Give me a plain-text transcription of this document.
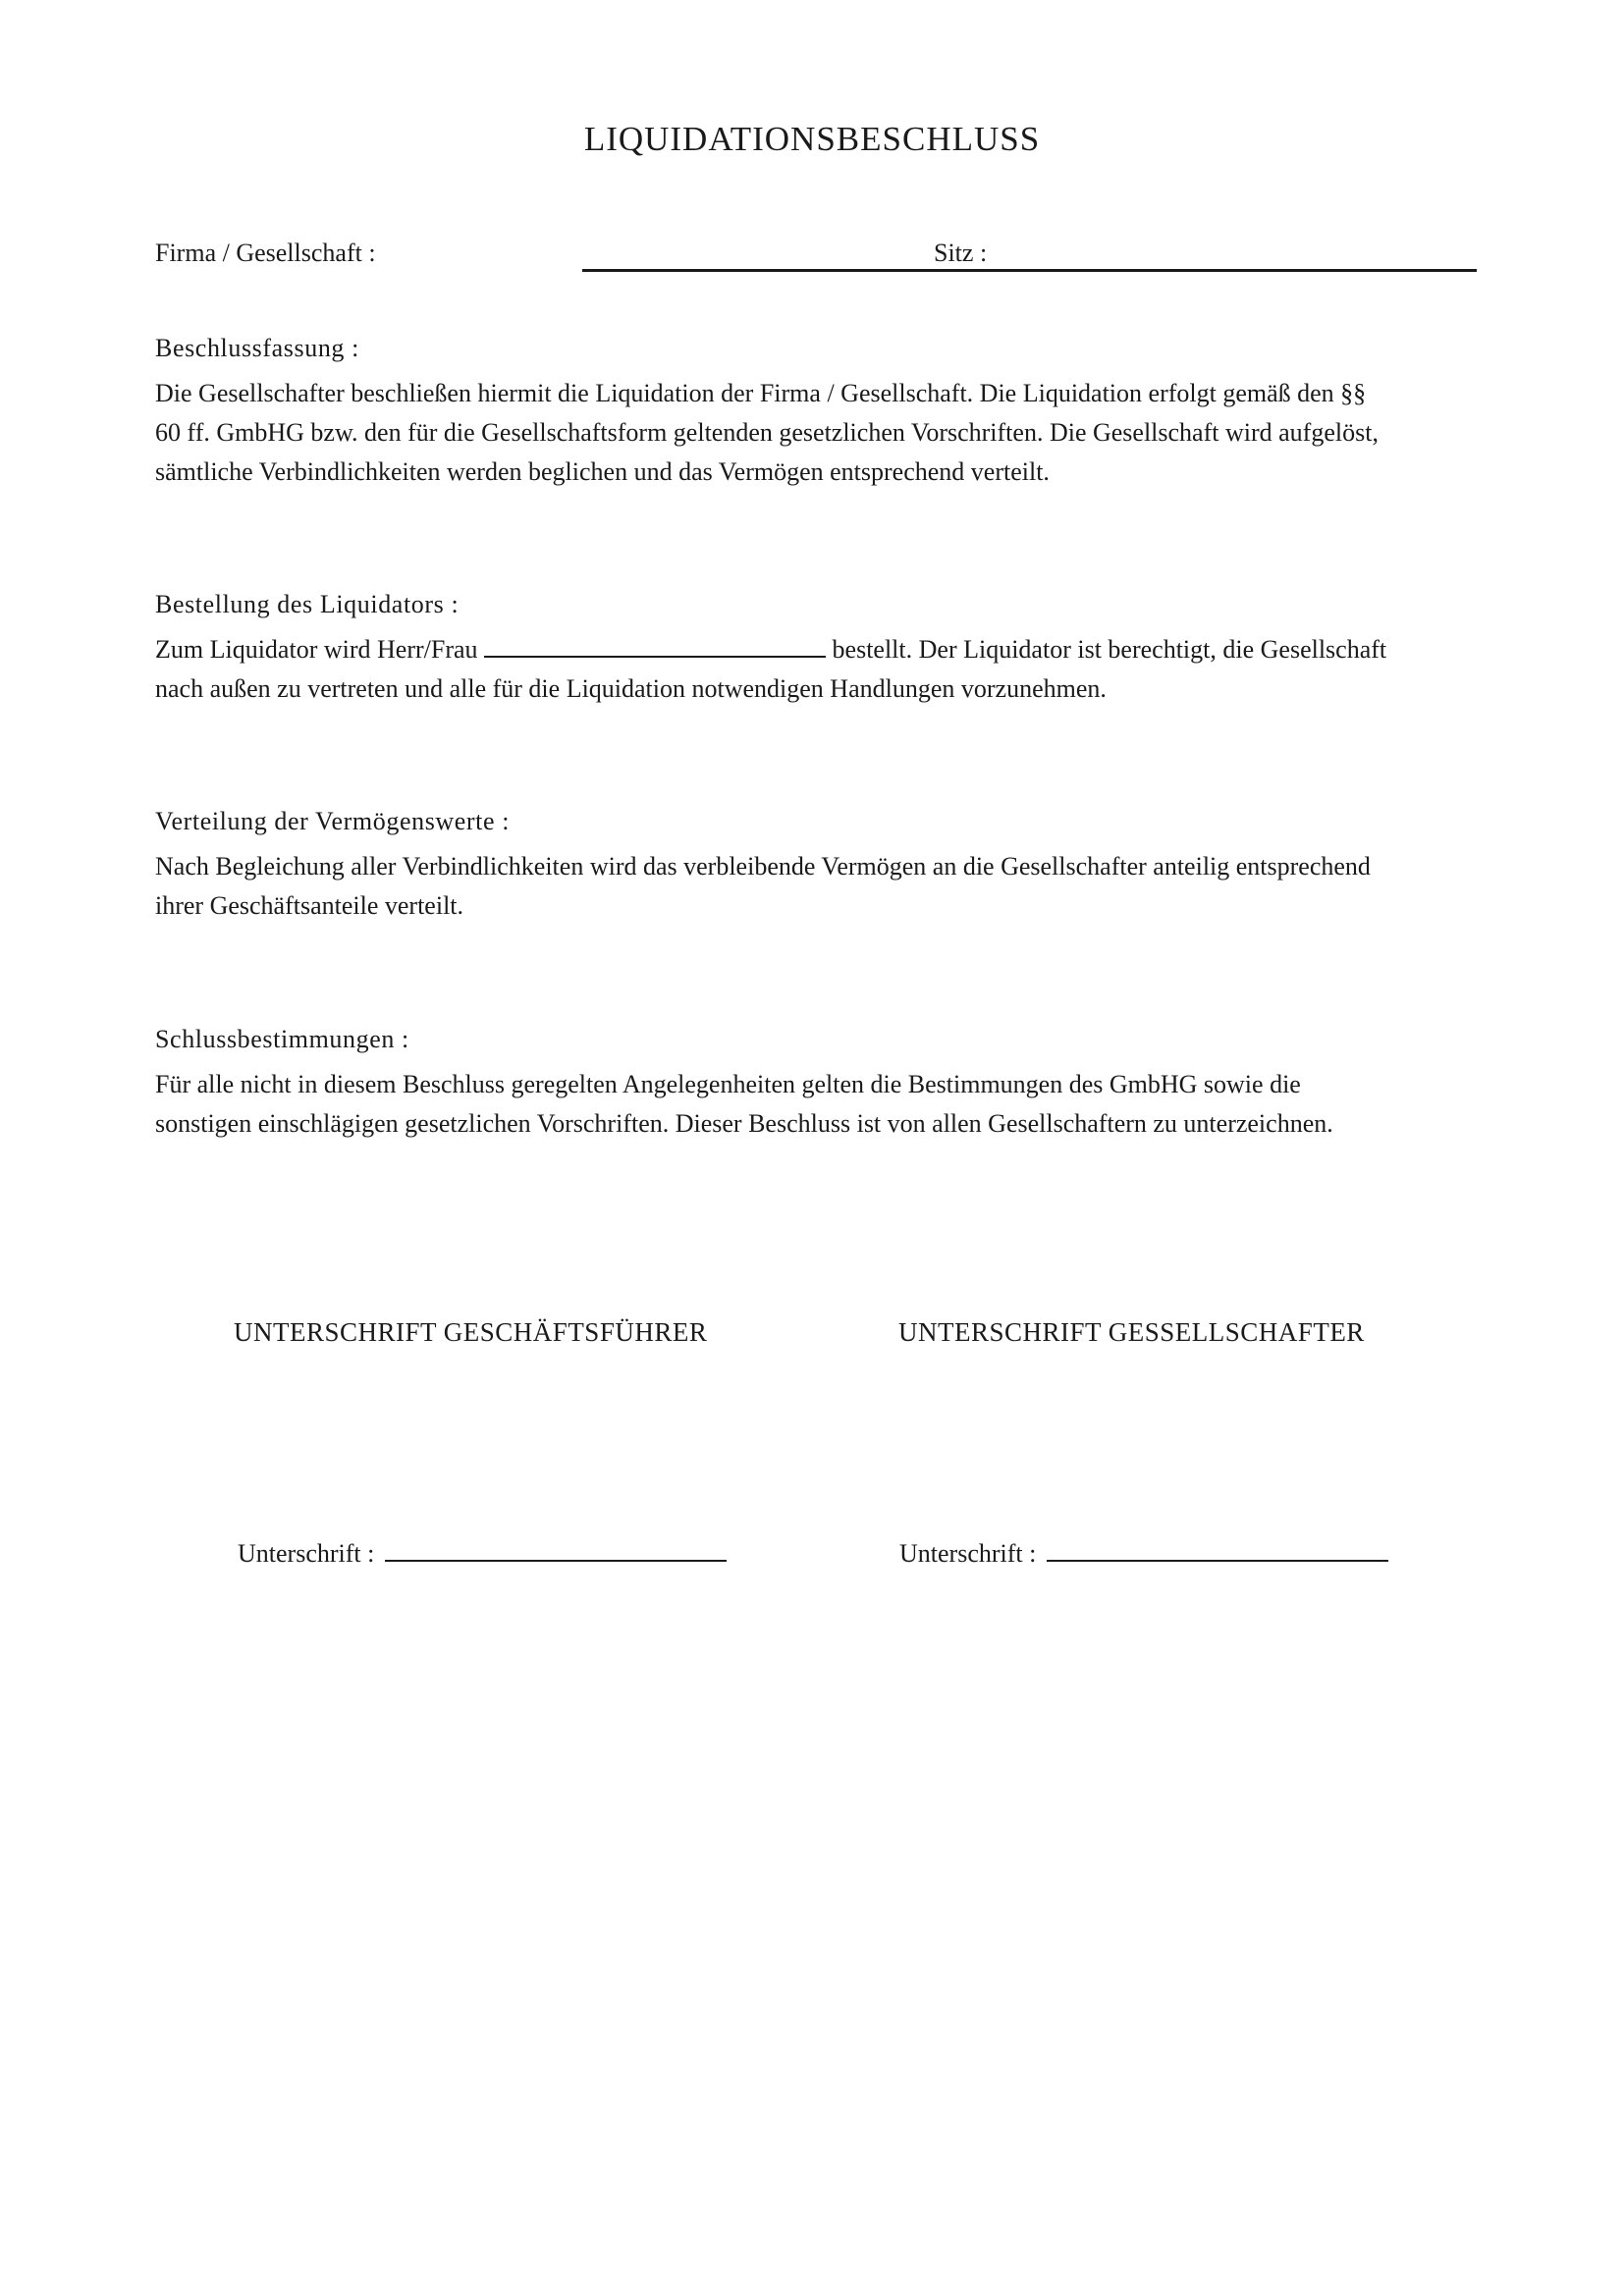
LIQUIDATIONSBESCHLUSS
Firma / Gesellschaft :	Sitz :
Beschlussfassung :

Die Gesellschafter beschließen hiermit die Liquidation der Firma / Gesellschaft. Die Liquidation erfolgt gemäß den §§
60 ff. GmbHG bzw. den für die Gesellschaftsform geltenden gesetzlichen Vorschriften. Die Gesellschaft wird aufgelöst,
sämtliche Verbindlichkeiten werden beglichen und das Vermögen entsprechend verteilt.

Bestellung des Liquidators :

Zum Liquidator wird Herr/Frau	bestellt. Der Liquidator ist berechtigt, die Gesellschaft
nach außen zu vertreten und alle für die Liquidation notwendigen Handlungen vorzunehmen.

Verteilung der Vermögenswerte :

Nach Begleichung aller Verbindlichkeiten wird das verbleibende Vermögen an die Gesellschafter anteilig entsprechend
ihrer Geschäftsanteile verteilt.

Schlussbestimmungen :

Für alle nicht in diesem Beschluss geregelten Angelegenheiten gelten die Bestimmungen des GmbHG sowie die
sonstigen einschlägigen gesetzlichen Vorschriften. Dieser Beschluss ist von allen Gesellschaftern zu unterzeichnen.

UNTERSCHRIFT GESCHÄFTSFÜHRER	UNTERSCHRIFT GESSELLSCHAFTER
Unterschrift :	Unterschrift :
